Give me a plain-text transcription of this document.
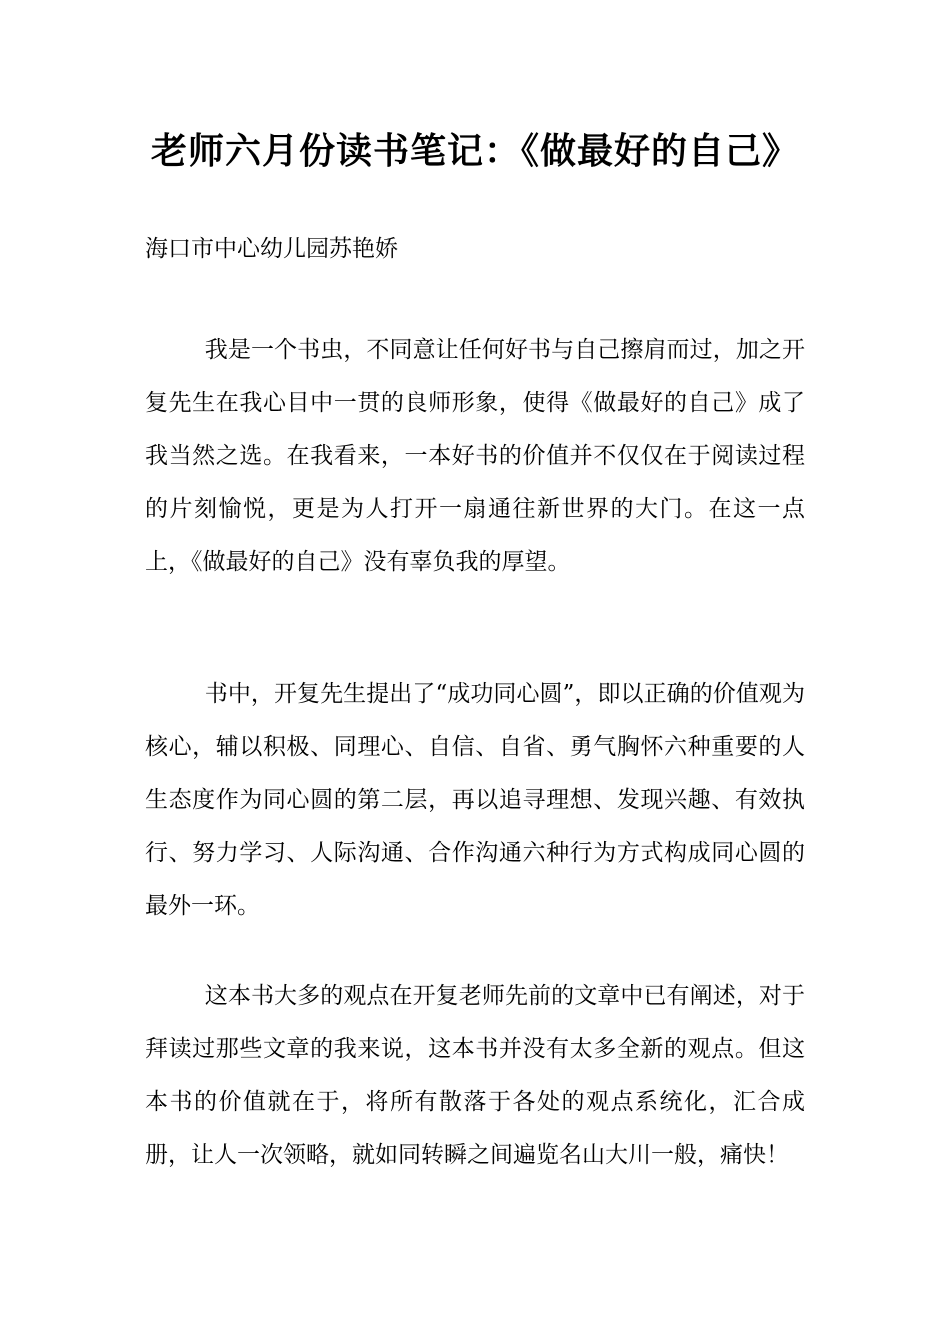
老师六月份读书笔记：《做最好的自己》

海口市中心幼儿园苏艳娇

我是一个书虫，不同意让任何好书与自己擦肩而过，加之开复先生在我心目中一贯的良师形象，使得《做最好的自己》成了我当然之选。在我看来，一本好书的价值并不仅仅在于阅读过程的片刻愉悦，更是为人打开一扇通往新世界的大门。在这一点上，《做最好的自己》没有辜负我的厚望。

书中，开复先生提出了“成功同心圆”，即以正确的价值观为核心，辅以积极、同理心、自信、自省、勇气胸怀六种重要的人生态度作为同心圆的第二层，再以追寻理想、发现兴趣、有效执行、努力学习、人际沟通、合作沟通六种行为方式构成同心圆的最外一环。

这本书大多的观点在开复老师先前的文章中已有阐述，对于拜读过那些文章的我来说，这本书并没有太多全新的观点。但这本书的价值就在于，将所有散落于各处的观点系统化，汇合成册，让人一次领略，就如同转瞬之间遍览名山大川一般，痛快！
